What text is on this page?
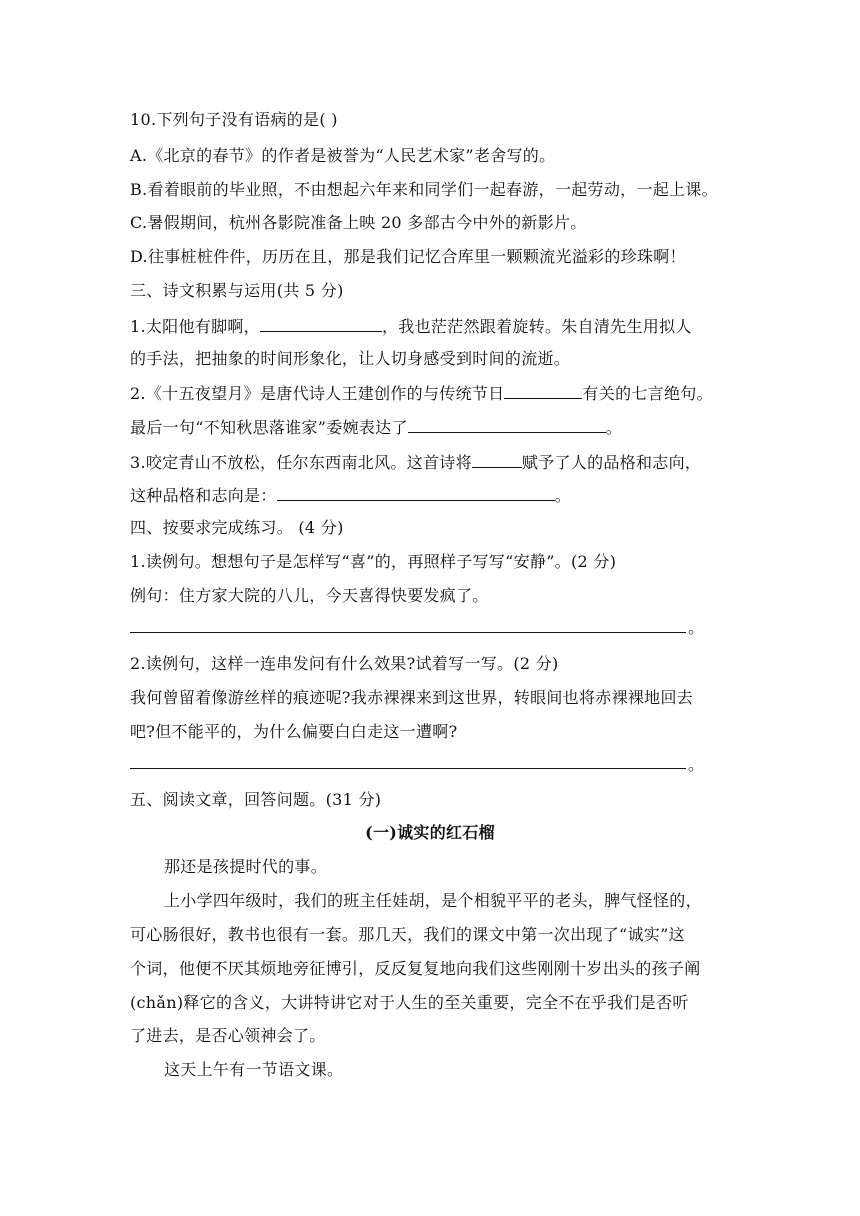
10.下列句子没有语病的是( )
A.《北京的春节》的作者是被誉为“人民艺术家”老舍写的。
B.看着眼前的毕业照，不由想起六年来和同学们一起春游，一起劳动，一起上课。
C.暑假期间，杭州各影院准备上映 20 多部古今中外的新影片。
D.往事桩桩件件，历历在且，那是我们记忆合库里一颗颗流光溢彩的珍珠啊！
三、诗文积累与运用(共 5 分)
1.太阳他有脚啊，	，我也茫茫然跟着旋转。朱自清先生用拟人
的手法，把抽象的时间形象化，让人切身感受到时间的流逝。
2.《十五夜望月》是唐代诗人王建创作的与传统节日	有关的七言绝句。
最后一句“不知秋思落谁家”委婉表达了	。
3.咬定青山不放松，任尔东西南北风。这首诗将	赋予了人的品格和志向，
这种品格和志向是：	。
四、按要求完成练习。 (4 分)
1.读例句。想想句子是怎样写“喜”的，再照样子写写“安静”。(2 分)
例句：住方家大院的八儿，今天喜得快要发疯了。
。
2.读例句，这样一连串发问有什么效果?试着写一写。(2 分)
我何曾留着像游丝样的痕迹呢?我赤裸裸来到这世界，转眼间也将赤裸裸地回去
吧?但不能平的，为什么偏要白白走这一遭啊?
。
五、阅读文章，回答问题。(31 分)
(一)诚实的红石榴
那还是孩提时代的事。
上小学四年级时，我们的班主任娃胡，是个相貌平平的老头，脾气怪怪的，
可心肠很好，教书也很有一套。那几天，我们的课文中第一次出现了“诚实”这
个词，他便不厌其烦地旁征博引，反反复复地向我们这些刚刚十岁出头的孩子阐
(chǎn)释它的含义，大讲特讲它对于人生的至关重要，完全不在乎我们是否听
了进去，是否心领神会了。
这天上午有一节语文课。
